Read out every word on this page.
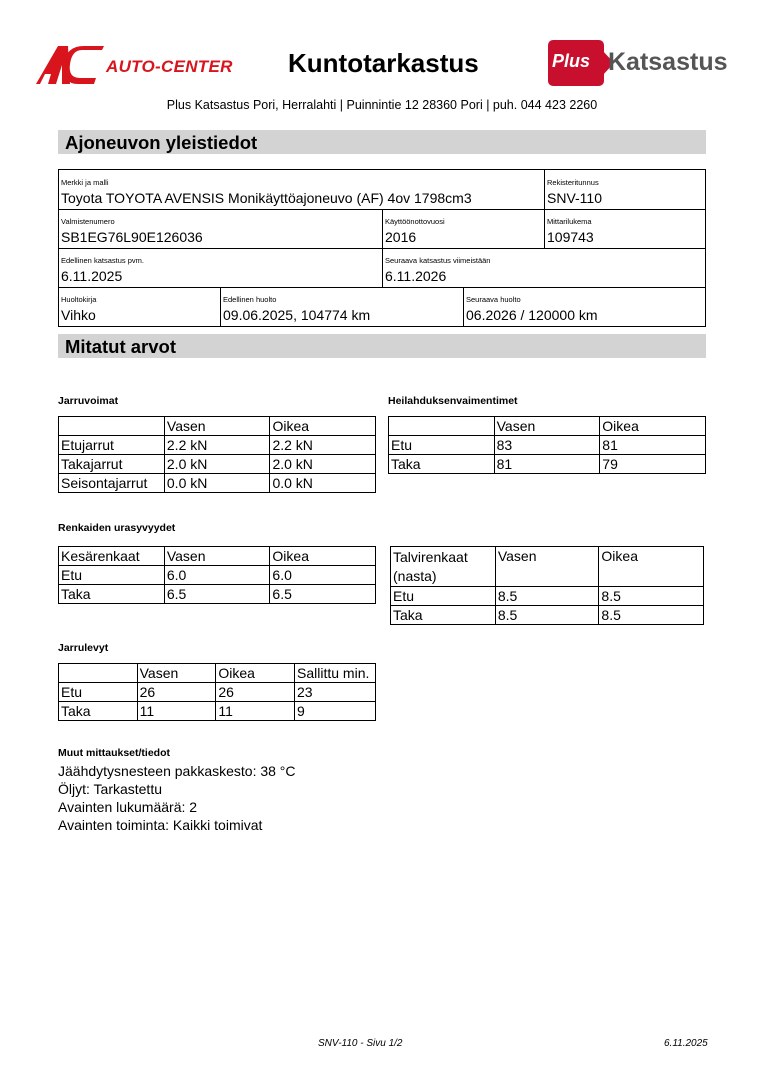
AUTO-CENTER Kuntotarkastus	Plus Katsastus
Plus Katsastus Pori, Herralahti | Puinnintie 12 28360 Pori | puh. 044 423 2260
Ajoneuvon yleistiedot
Merkki ja malli
Toyota TOYOTA AVENSIS Monikäyttöajoneuvo (AF) 4ov 1798cm3
Rekisteritunnus
SNV-110
Valmistenumero
SB1EG76L90E126036
Käyttöönottovuosi
2016
Mittarilukema
109743
Edellinen katsastus pvm.
6.11.2025
Seuraava katsastus viimeistään
6.11.2026
Huoltokirja
Vihko
Edellinen huolto
09.06.2025, 104774 km
Seuraava huolto
06.2026 / 120000 km
Mitatut arvot
Jarruvoimat
	Vasen	Oikea
Etujarrut	2.2 kN	2.2 kN
Takajarrut	2.0 kN	2.0 kN
Seisontajarrut	0.0 kN	0.0 kN
Heilahduksenvaimentimet
	Vasen	Oikea
Etu	83	81
Taka	81	79
Renkaiden urasyvyydet
Kesärenkaat	Vasen	Oikea
Etu	6.0	6.0
Taka	6.5	6.5
Talvirenkaat
(nasta)	Vasen	Oikea
Etu	8.5	8.5
Taka	8.5	8.5
Jarrulevyt
	Vasen	Oikea	Sallittu min.
Etu	26	26	23
Taka	11	11	9
Muut mittaukset/tiedot
Jäähdytysnesteen pakkaskesto: 38 °C
Öljyt: Tarkastettu
Avainten lukumäärä: 2
Avainten toiminta: Kaikki toimivat
SNV-110 - Sivu 1/2	6.11.2025
